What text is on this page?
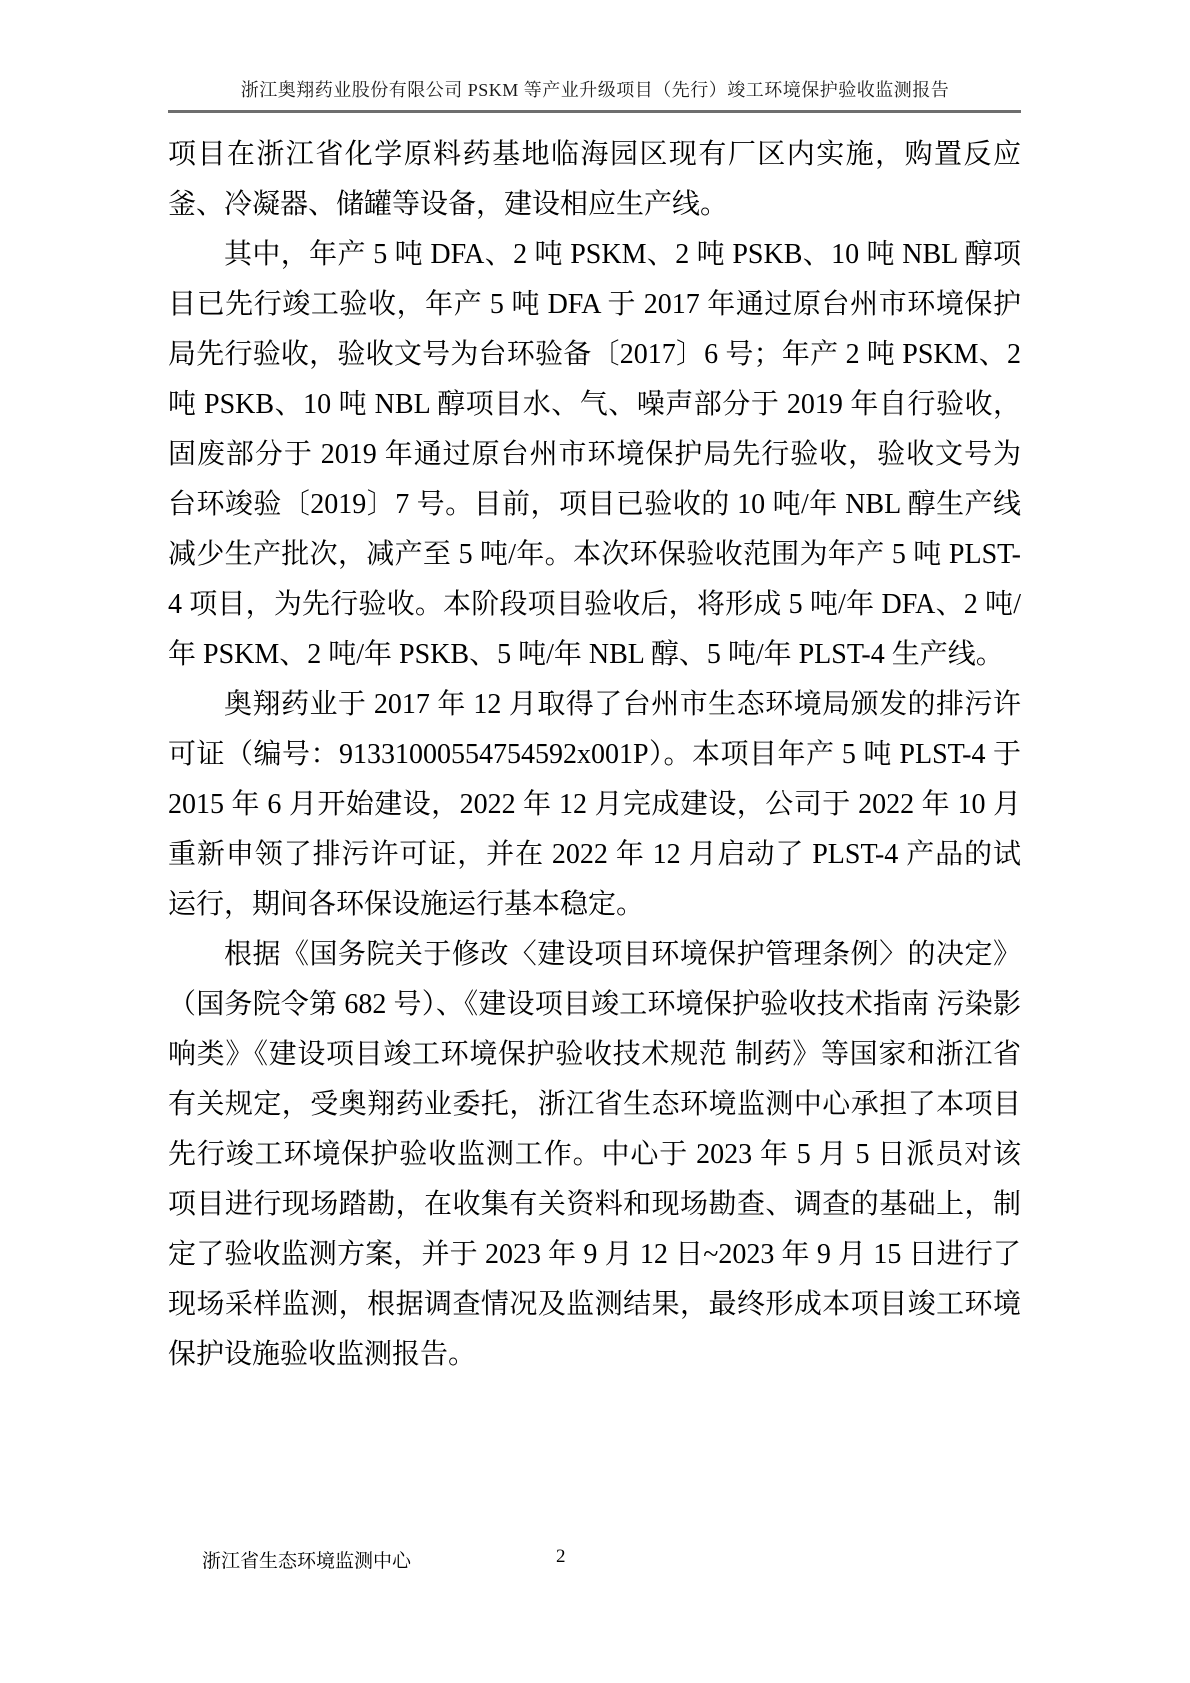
浙江奥翔药业股份有限公司 PSKM 等产业升级项目（先行）竣工环境保护验收监测报告

项目在浙江省化学原料药基地临海园区现有厂区内实施，购置反应釜、冷凝器、储罐等设备，建设相应生产线。

其中，年产 5 吨 DFA、2 吨 PSKM、2 吨 PSKB、10 吨 NBL 醇项目已先行竣工验收，年产 5 吨 DFA 于 2017 年通过原台州市环境保护局先行验收，验收文号为台环验备〔2017〕6 号；年产 2 吨 PSKM、2 吨 PSKB、10 吨 NBL 醇项目水、气、噪声部分于 2019 年自行验收，固废部分于 2019 年通过原台州市环境保护局先行验收，验收文号为台环竣验〔2019〕7 号。目前，项目已验收的 10 吨/年 NBL 醇生产线减少生产批次，减产至 5 吨/年。本次环保验收范围为年产 5 吨 PLST-4 项目，为先行验收。本阶段项目验收后，将形成 5 吨/年 DFA、2 吨/年 PSKM、2 吨/年 PSKB、5 吨/年 NBL 醇、5 吨/年 PLST-4 生产线。

奥翔药业于 2017 年 12 月取得了台州市生态环境局颁发的排污许可证（编号：91331000554754592x001P）。本项目年产 5 吨 PLST-4 于 2015 年 6 月开始建设，2022 年 12 月完成建设，公司于 2022 年 10 月重新申领了排污许可证，并在 2022 年 12 月启动了 PLST-4 产品的试运行，期间各环保设施运行基本稳定。

根据《国务院关于修改〈建设项目环境保护管理条例〉的决定》（国务院令第 682 号）、《建设项目竣工环境保护验收技术指南 污染影响类》《建设项目竣工环境保护验收技术规范 制药》等国家和浙江省有关规定，受奥翔药业委托，浙江省生态环境监测中心承担了本项目先行竣工环境保护验收监测工作。中心于 2023 年 5 月 5 日派员对该项目进行现场踏勘，在收集有关资料和现场勘查、调查的基础上，制定了验收监测方案，并于 2023 年 9 月 12 日~2023 年 9 月 15 日进行了现场采样监测，根据调查情况及监测结果，最终形成本项目竣工环境保护设施验收监测报告。

浙江省生态环境监测中心	2
